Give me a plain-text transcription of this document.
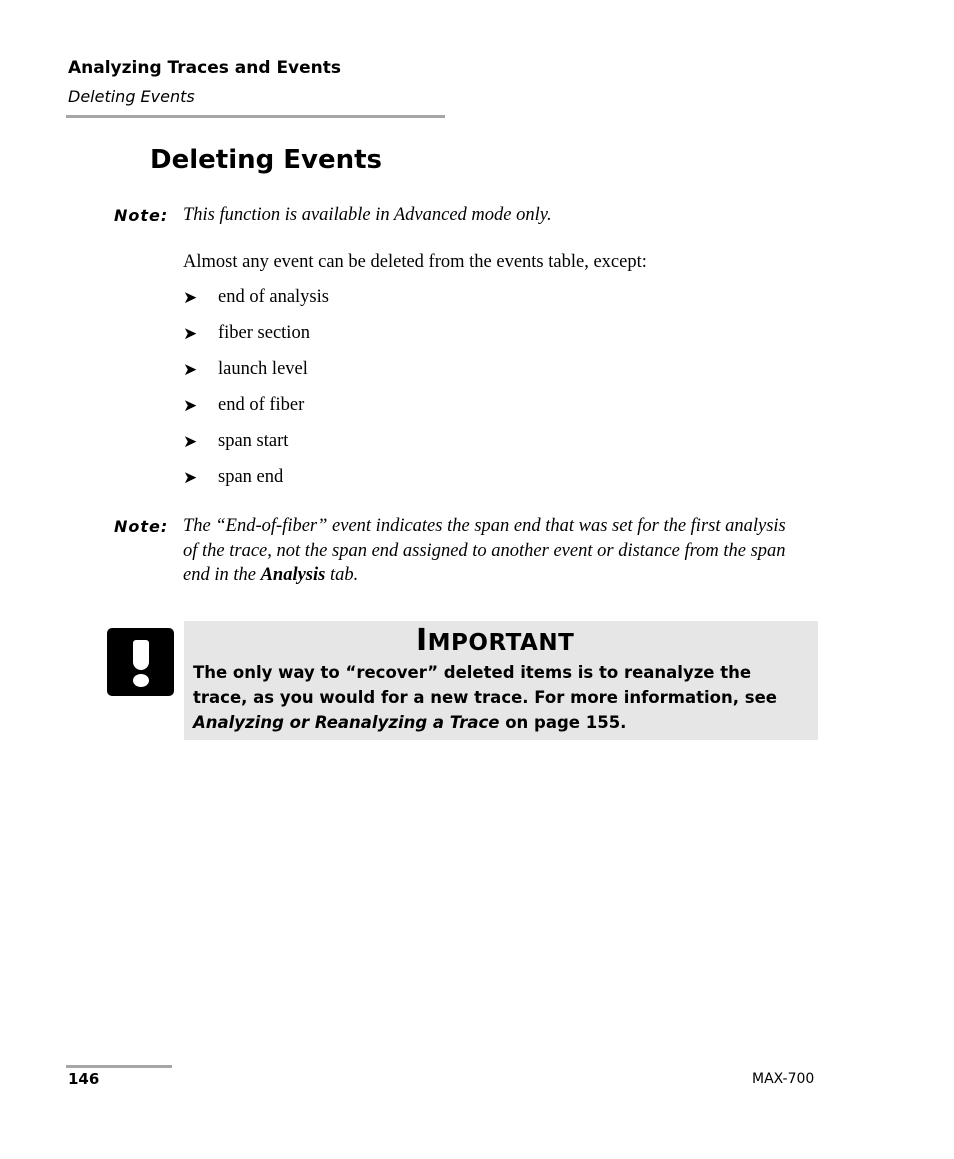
Analyzing Traces and Events
Deleting Events
Deleting Events
Note: This function is available in Advanced mode only.
Almost any event can be deleted from the events table, except:
➤ end of analysis
➤ fiber section
➤ launch level
➤ end of fiber
➤ span start
➤ span end
Note: The “End-of-fiber” event indicates the span end that was set for the first analysis of the trace, not the span end assigned to another event or distance from the span end in the Analysis tab.
IMPORTANT
The only way to “recover” deleted items is to reanalyze the trace, as you would for a new trace. For more information, see Analyzing or Reanalyzing a Trace on page 155.
146	MAX-700
